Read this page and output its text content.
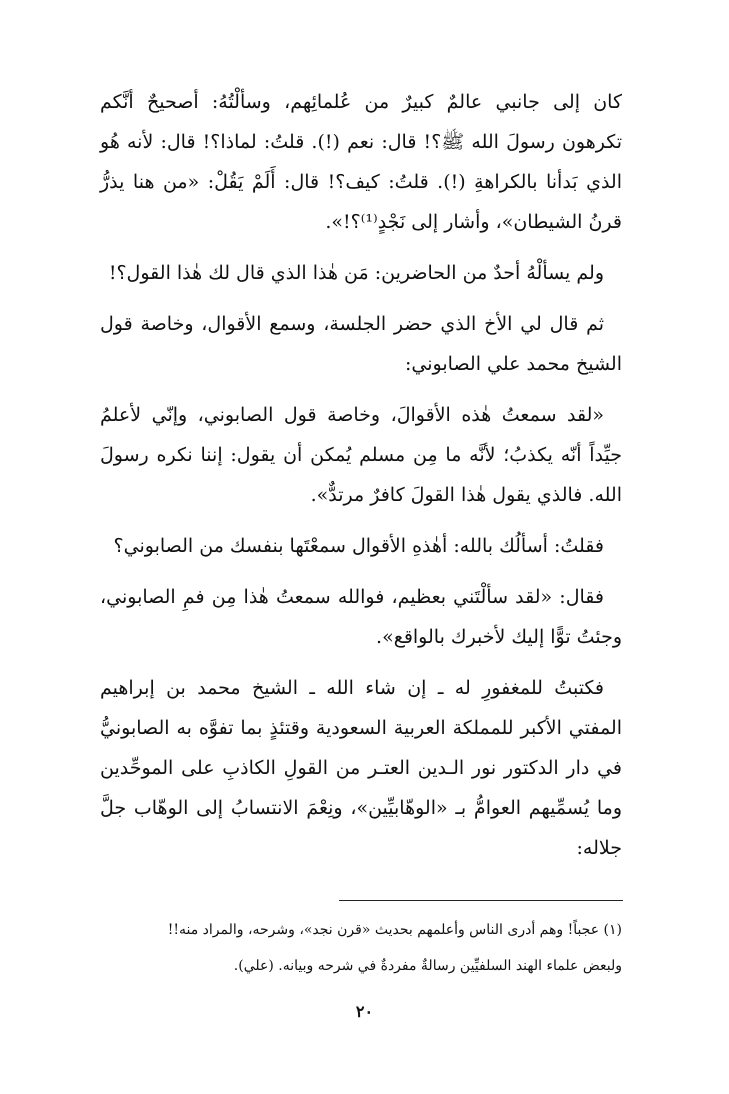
كان إلى جانبي عالمٌ كبيرٌ من عُلمائِهم، وسألْتُهُ: أصحيحٌ أنَّكم تكرهون رسولَ الله ﷺ؟! قال: نعم (!). قلتُ: لماذا؟! قال: لأنه هُو الذي بَدأنا بالكراهةِ (!). قلتُ: كيف؟! قال: أَلَمْ يَقُلْ: «من هنا يذرُّ قرنُ الشيطان»، وأشار إلى نَجْدٍ⁽¹⁾؟!».

ولم يسألْهُ أحدٌ من الحاضرين: مَن هٰذا الذي قال لك هٰذا القول؟!

ثم قال لي الأخ الذي حضر الجلسة، وسمع الأقوال، وخاصة قول الشيخ محمد علي الصابوني:

«لقد سمعتُ هٰذه الأقوالَ، وخاصة قول الصابوني، وإنّي لأعلمُ جيِّداً أنّه يكذبُ؛ لأنَّه ما مِن مسلم يُمكن أن يقول: إننا نكره رسولَ الله. فالذي يقول هٰذا القولَ كافرٌ مرتدٌّ».

فقلتُ: أسألُك بالله: أهٰذهِ الأقوال سمعْتَها بنفسك من الصابوني؟

فقال: «لقد سألْتَني بعظيم، فوالله سمعتُ هٰذا مِن فمِ الصابوني، وجئتُ توًّا إليك لأخبرك بالواقع».

فكتبتُ للمغفورِ له ـ إن شاء الله ـ الشيخ محمد بن إبراهيم المفتي الأكبر للمملكة العربية السعودية وقتئذٍ بما تفوَّه به الصابونيُّ في دار الدكتور نور الـدين العتـر من القولِ الكاذبِ على الموحِّدين وما يُسمِّيهم العوامُّ بـ «الوهّابيِّين»، ونِعْمَ الانتسابُ إلى الوهّاب جلَّ جلاله:

(١) عجباً! وهم أدرى الناس وأعلمهم بحديث «قرن نجد»، وشرحه، والمراد منه!!

ولبعض علماء الهند السلفيِّين رسالةٌ مفردةٌ في شرحه وبيانه. (علي).

٢٠
